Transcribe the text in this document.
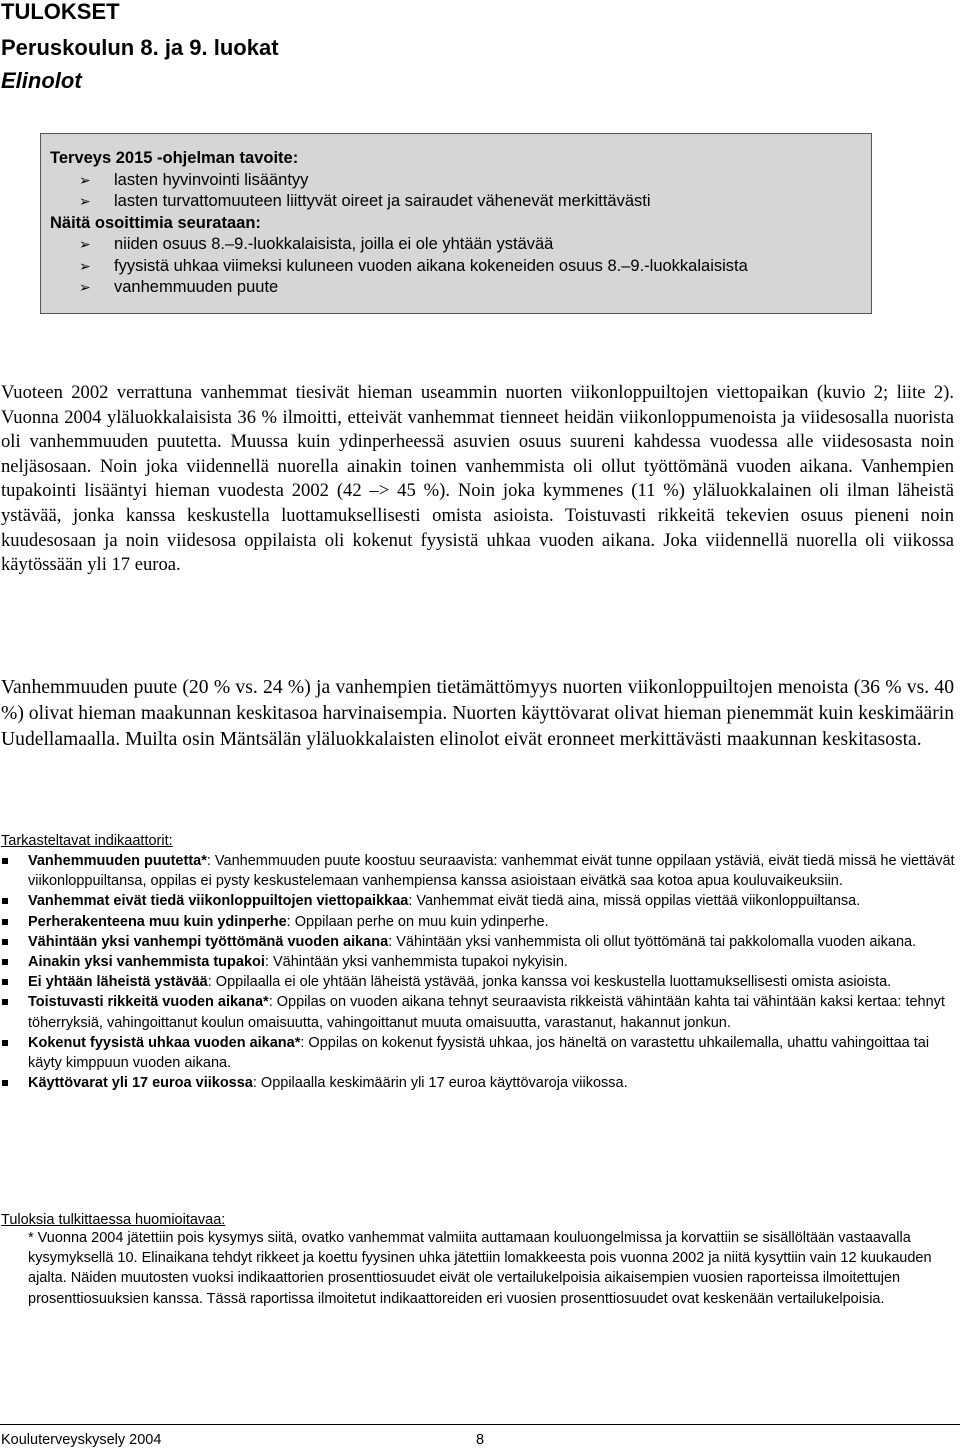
TULOKSET
Peruskoulun 8. ja 9. luokat
Elinolot

Terveys 2015 -ohjelman tavoite:

➢ lasten hyvinvointi lisääntyy
➢ lasten turvattomuuteen liittyvät oireet ja sairaudet vähenevät merkittävästi

Näitä osoittimia seurataan:

➢ niiden osuus 8.–9.-luokkalaisista, joilla ei ole yhtään ystävää
➢ fyysistä uhkaa viimeksi kuluneen vuoden aikana kokeneiden osuus 8.–9.-luokkalaisista
➢ vanhemmuuden puute

Vuoteen 2002 verrattuna vanhemmat tiesivät hieman useammin nuorten viikonloppuiltojen viettopaikan (kuvio 2; liite 2). Vuonna 2004 yläluokkalaisista 36 % ilmoitti, etteivät vanhemmat tienneet heidän viikonloppumenoista ja viidesosalla nuorista oli vanhemmuuden puutetta. Muussa kuin ydinperheessä asuvien osuus suureni kahdessa vuodessa alle viidesosasta noin neljäsosaan. Noin joka viidennellä nuorella ainakin toinen vanhemmista oli ollut työttömänä vuoden aikana. Vanhempien tupakointi lisääntyi hieman vuodesta 2002 (42 –> 45 %). Noin joka kymmenes (11 %) yläluokkalainen oli ilman läheistä ystävää, jonka kanssa keskustella luottamuksellisesti omista asioista. Toistuvasti rikkeitä tekevien osuus pieneni noin kuudesosaan ja noin viidesosa oppilaista oli kokenut fyysistä uhkaa vuoden aikana. Joka viidennellä nuorella oli viikossa käytössään yli 17 euroa.

Vanhemmuuden puute (20 % vs. 24 %) ja vanhempien tietämättömyys nuorten viikonloppuiltojen menoista (36 % vs. 40 %) olivat hieman maakunnan keskitasoa harvinaisempia. Nuorten käyttövarat olivat hieman pienemmät kuin keskimäärin Uudellamaalla. Muilta osin Mäntsälän yläluokkalaisten elinolot eivät eronneet merkittävästi maakunnan keskitasosta.

Tarkasteltavat indikaattorit:

Vanhemmuuden puutetta*: Vanhemmuuden puute koostuu seuraavista: vanhemmat eivät tunne oppilaan ystäviä, eivät tiedä missä he viettävät viikonloppuiltansa, oppilas ei pysty keskustelemaan vanhempiensa kanssa asioistaan eivätkä saa kotoa apua kouluvaikeuksiin.
Vanhemmat eivät tiedä viikonloppuiltojen viettopaikkaa: Vanhemmat eivät tiedä aina, missä oppilas viettää viikonloppuiltansa.
Perherakenteena muu kuin ydinperhe: Oppilaan perhe on muu kuin ydinperhe.
Vähintään yksi vanhempi työttömänä vuoden aikana: Vähintään yksi vanhemmista oli ollut työttömänä tai pakkolomalla vuoden aikana.
Ainakin yksi vanhemmista tupakoi: Vähintään yksi vanhemmista tupakoi nykyisin.
Ei yhtään läheistä ystävää: Oppilaalla ei ole yhtään läheistä ystävää, jonka kanssa voi keskustella luottamuksellisesti omista asioista.
Toistuvasti rikkeitä vuoden aikana*: Oppilas on vuoden aikana tehnyt seuraavista rikkeistä vähintään kahta tai vähintään kaksi kertaa: tehnyt töherryksiä, vahingoittanut koulun omaisuutta, vahingoittanut muuta omaisuutta, varastanut, hakannut jonkun.
Kokenut fyysistä uhkaa vuoden aikana*: Oppilas on kokenut fyysistä uhkaa, jos häneltä on varastettu uhkailemalla, uhattu vahingoittaa tai käyty kimppuun vuoden aikana.
Käyttövarat yli 17 euroa viikossa: Oppilaalla keskimäärin yli 17 euroa käyttövaroja viikossa.

Tuloksia tulkittaessa huomioitavaa:

* Vuonna 2004 jätettiin pois kysymys siitä, ovatko vanhemmat valmiita auttamaan kouluongelmissa ja korvattiin se sisällöltään vastaavalla kysymyksellä 10. Elinaikana tehdyt rikkeet ja koettu fyysinen uhka jätettiin lomakkeesta pois vuonna 2002 ja niitä kysyttiin vain 12 kuukauden ajalta. Näiden muutosten vuoksi indikaattorien prosenttiosuudet eivät ole vertailukelpoisia aikaisempien vuosien raporteissa ilmoitettujen prosenttiosuuksien kanssa. Tässä raportissa ilmoitetut indikaattoreiden eri vuosien prosenttiosuudet ovat keskenään vertailukelpoisia.

Kouluterveyskysely 2004	8
